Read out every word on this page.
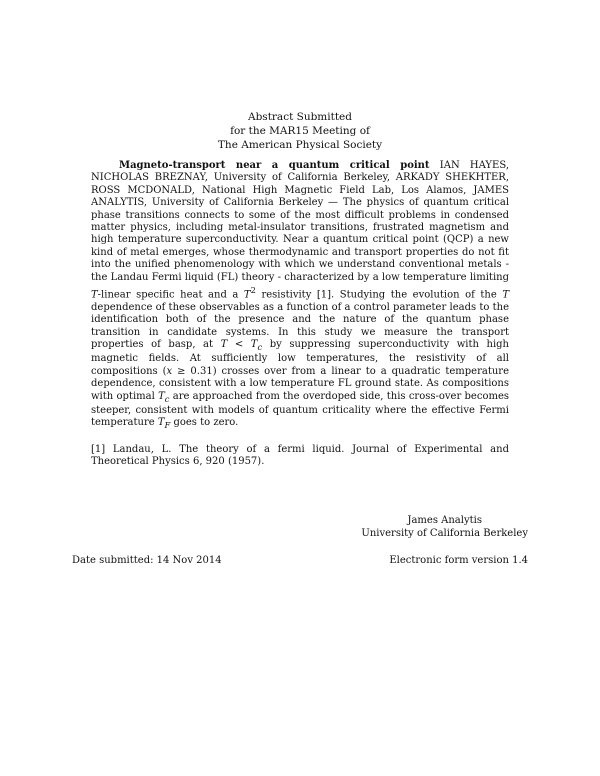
Abstract Submitted
for the MAR15 Meeting of
The American Physical Society

Magneto-transport near a quantum critical point IAN HAYES, NICHOLAS BREZNAY, University of California Berkeley, ARKADY SHEKHTER, ROSS MCDONALD, National High Magnetic Field Lab, Los Alamos, JAMES ANALYTIS, University of California Berkeley — The physics of quantum critical phase transitions connects to some of the most difficult problems in condensed matter physics, including metal-insulator transitions, frustrated magnetism and high temperature superconductivity. Near a quantum critical point (QCP) a new kind of metal emerges, whose thermodynamic and transport properties do not fit into the unified phenomenology with which we understand conventional metals - the Landau Fermi liquid (FL) theory - characterized by a low temperature limiting T-linear specific heat and a $T^2$ resistivity [1]. Studying the evolution of the T dependence of these observables as a function of a control parameter leads to the identification both of the presence and the nature of the quantum phase transition in candidate systems. In this study we measure the transport properties of basp, at $T < T_c$ by suppressing superconductivity with high magnetic fields. At sufficiently low temperatures, the resistivity of all compositions (x ≥ 0.31) crosses over from a linear to a quadratic temperature dependence, consistent with a low temperature FL ground state. As compositions with optimal $T_c$ are approached from the overdoped side, this cross-over becomes steeper, consistent with models of quantum criticality where the effective Fermi temperature $T_F$ goes to zero.

[1] Landau, L. The theory of a fermi liquid. Journal of Experimental and Theoretical Physics 6, 920 (1957).

James Analytis
University of California Berkeley
Date submitted: 14 Nov 2014	Electronic form version 1.4
